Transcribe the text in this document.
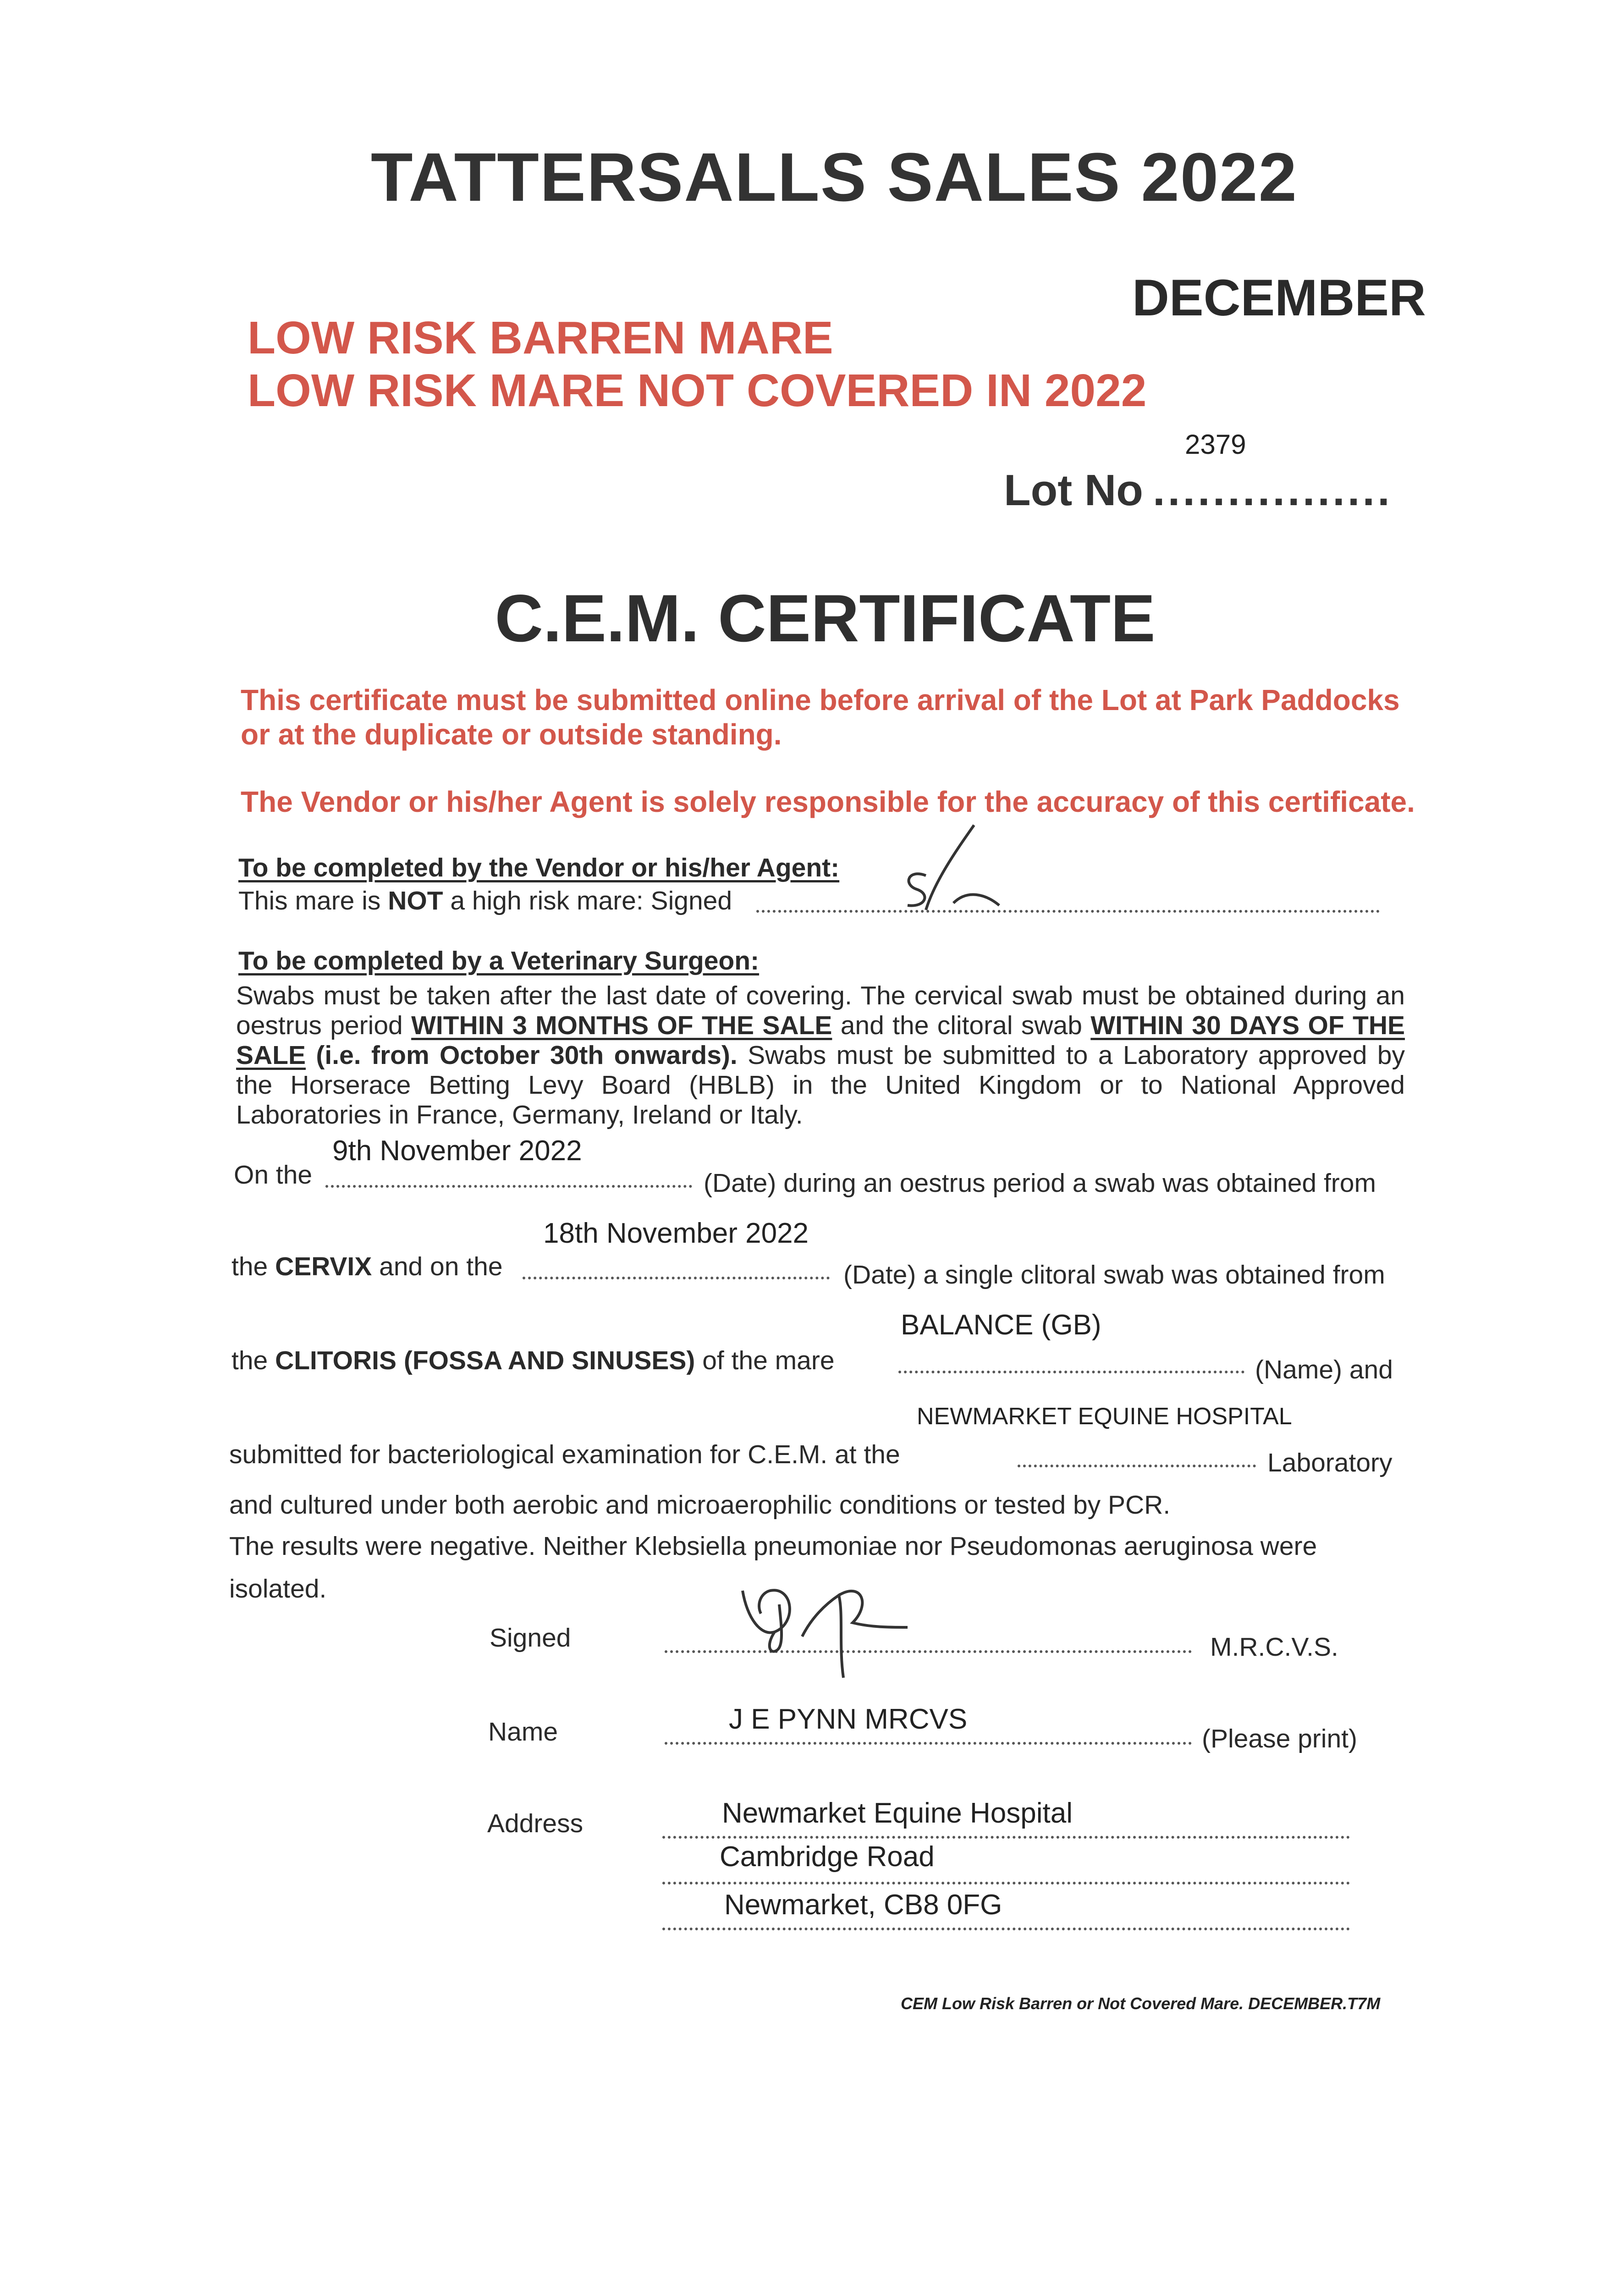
TATTERSALLS SALES 2022
DECEMBER
LOW RISK BARREN MARE
LOW RISK MARE NOT COVERED IN 2022
Lot No ................
2379
C.E.M. CERTIFICATE
This certificate must be submitted online before arrival of the Lot at Park Paddocks
or at the duplicate or outside standing.
The Vendor or his/her Agent is solely responsible for the accuracy of this certificate.
To be completed by the Vendor or his/her Agent:
This mare is NOT a high risk mare: Signed
To be completed by a Veterinary Surgeon:
Swabs must be taken after the last date of covering. The cervical swab must be obtained during an oestrus period WITHIN 3 MONTHS OF THE SALE and the clitoral swab WITHIN 30 DAYS OF THE SALE (i.e. from October 30th onwards). Swabs must be submitted to a Laboratory approved by the Horserace Betting Levy Board (HBLB) in the United Kingdom or to National Approved Laboratories in France, Germany, Ireland or Italy.
On the
9th November 2022
(Date) during an oestrus period a swab was obtained from
the CERVIX and on the
18th November 2022
(Date) a single clitoral swab was obtained from
the CLITORIS (FOSSA AND SINUSES) of the mare
BALANCE (GB)
(Name) and
submitted for bacteriological examination for C.E.M. at the
NEWMARKET EQUINE HOSPITAL
Laboratory
and cultured under both aerobic and microaerophilic conditions or tested by PCR.
The results were negative. Neither Klebsiella pneumoniae nor Pseudomonas aeruginosa were
isolated.
Signed	M.R.C.V.S.
Name	J E PYNN MRCVS
(Please print)
Address	Newmarket Equine Hospital
Cambridge Road
Newmarket, CB8 0FG
CEM Low Risk Barren or Not Covered Mare. DECEMBER.T7M
